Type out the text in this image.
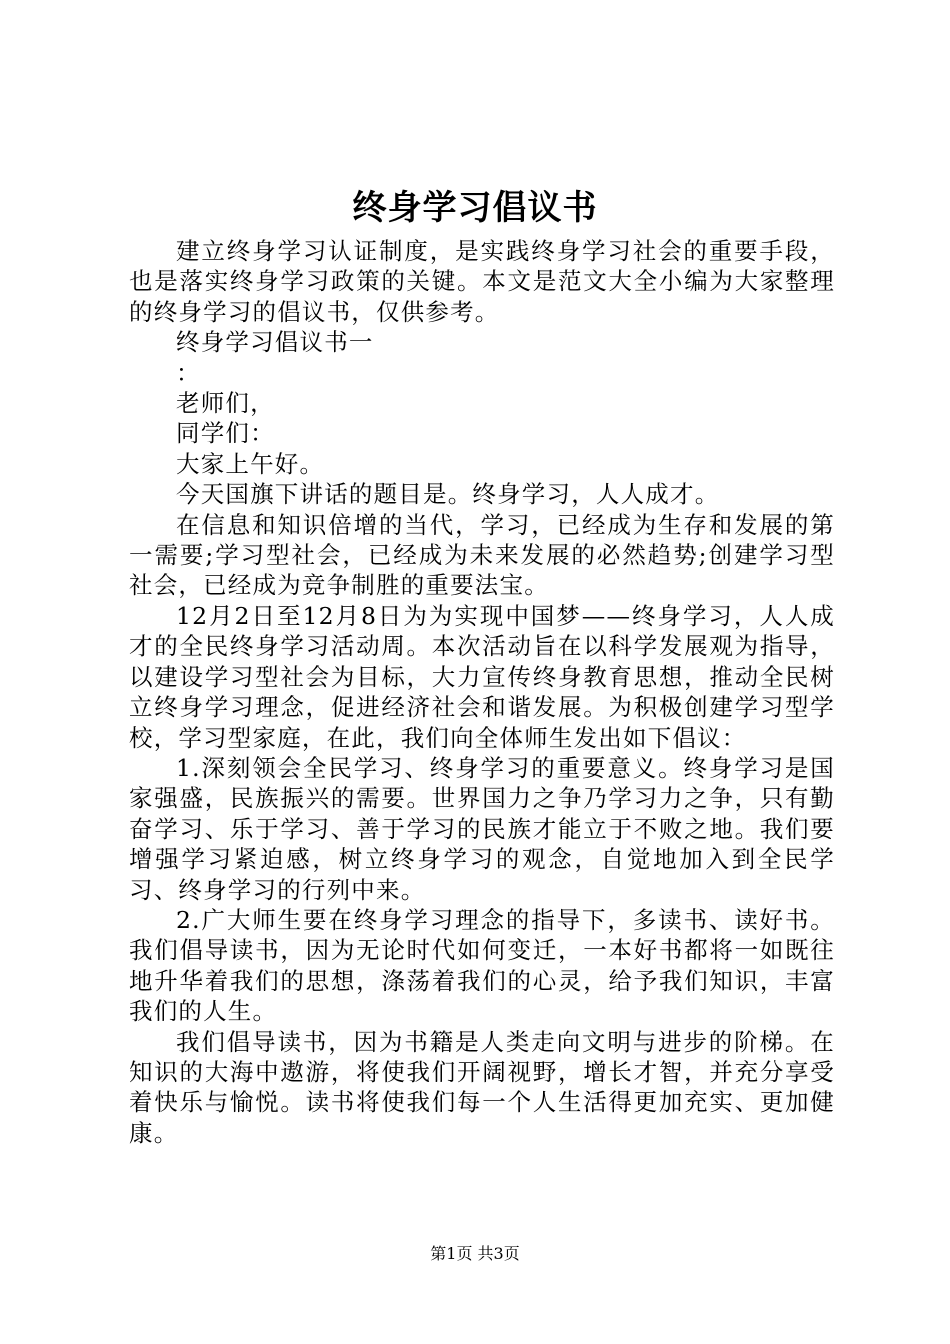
终身学习倡议书

建立终身学习认证制度，是实践终身学习社会的重要手段，也是落实终身学习政策的关键。本文是范文大全小编为大家整理的终身学习的倡议书，仅供参考。

终身学习倡议书一

：

老师们，

同学们：

大家上午好。

今天国旗下讲话的题目是。终身学习，人人成才。

在信息和知识倍增的当代，学习，已经成为生存和发展的第一需要;学习型社会，已经成为未来发展的必然趋势;创建学习型社会，已经成为竞争制胜的重要法宝。

12月2日至12月8日为为实现中国梦——终身学习，人人成才的全民终身学习活动周。本次活动旨在以科学发展观为指导，以建设学习型社会为目标，大力宣传终身教育思想，推动全民树立终身学习理念，促进经济社会和谐发展。为积极创建学习型学校，学习型家庭，在此，我们向全体师生发出如下倡议：

1.深刻领会全民学习、终身学习的重要意义。终身学习是国家强盛，民族振兴的需要。世界国力之争乃学习力之争，只有勤奋学习、乐于学习、善于学习的民族才能立于不败之地。我们要增强学习紧迫感，树立终身学习的观念，自觉地加入到全民学习、终身学习的行列中来。

2.广大师生要在终身学习理念的指导下，多读书、读好书。我们倡导读书，因为无论时代如何变迁，一本好书都将一如既往地升华着我们的思想，涤荡着我们的心灵，给予我们知识，丰富我们的人生。

我们倡导读书，因为书籍是人类走向文明与进步的阶梯。在知识的大海中遨游，将使我们开阔视野，增长才智，并充分享受着快乐与愉悦。读书将使我们每一个人生活得更加充实、更加健康。

第1页 共3页
